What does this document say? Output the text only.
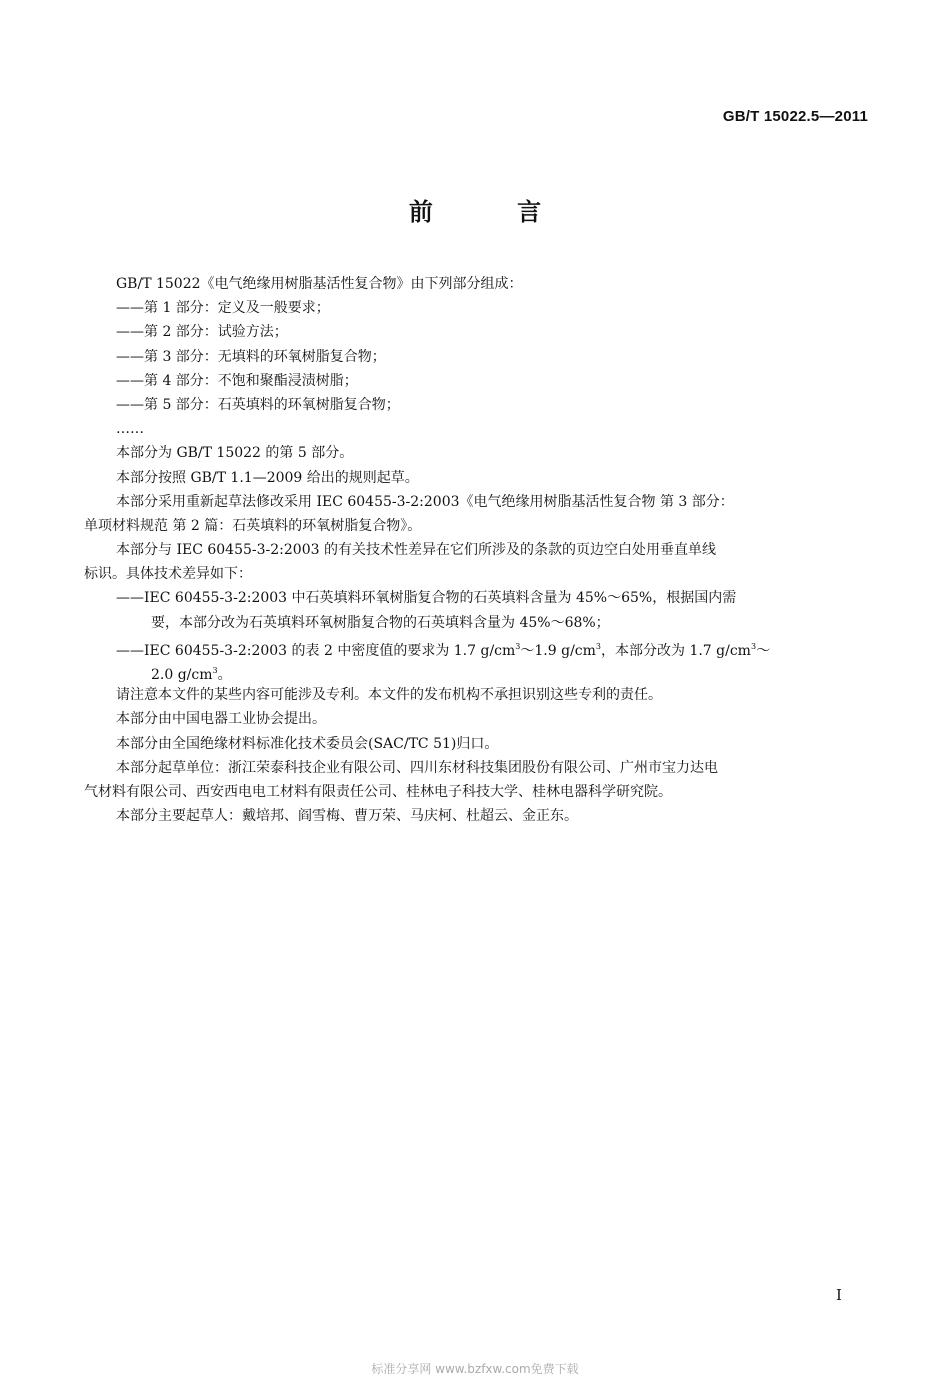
GB/T 15022.5—2011
前 言
GB/T 15022《电气绝缘用树脂基活性复合物》由下列部分组成：
——第 1 部分：定义及一般要求；
——第 2 部分：试验方法；
——第 3 部分：无填料的环氧树脂复合物；
——第 4 部分：不饱和聚酯浸渍树脂；
——第 5 部分：石英填料的环氧树脂复合物；
……
本部分为 GB/T 15022 的第 5 部分。
本部分按照 GB/T 1.1—2009 给出的规则起草。
本部分采用重新起草法修改采用 IEC 60455-3-2:2003《电气绝缘用树脂基活性复合物 第 3 部分：
单项材料规范 第 2 篇：石英填料的环氧树脂复合物》。
本部分与 IEC 60455-3-2:2003 的有关技术性差异在它们所涉及的条款的页边空白处用垂直单线
标识。具体技术差异如下：
——IEC 60455-3-2:2003 中石英填料环氧树脂复合物的石英填料含量为 45%～65%，根据国内需
要，本部分改为石英填料环氧树脂复合物的石英填料含量为 45%～68%；
——IEC 60455-3-2:2003 的表 2 中密度值的要求为 1.7 $g/cm^3\sim 1.9$ $g/cm^3$，本部分改为 1.7 $g/cm^3\sim$
2.0 $g/cm^3$。
请注意本文件的某些内容可能涉及专利。本文件的发布机构不承担识别这些专利的责任。
本部分由中国电器工业协会提出。
本部分由全国绝缘材料标准化技术委员会(SAC/TC 51)归口。
本部分起草单位：浙江荣泰科技企业有限公司、四川东材科技集团股份有限公司、广州市宝力达电
气材料有限公司、西安西电电工材料有限责任公司、桂林电子科技大学、桂林电器科学研究院。
本部分主要起草人：戴培邦、阎雪梅、曹万荣、马庆柯、杜超云、金正东。
I
标准分享网 www.bzfxw.com免费下载
